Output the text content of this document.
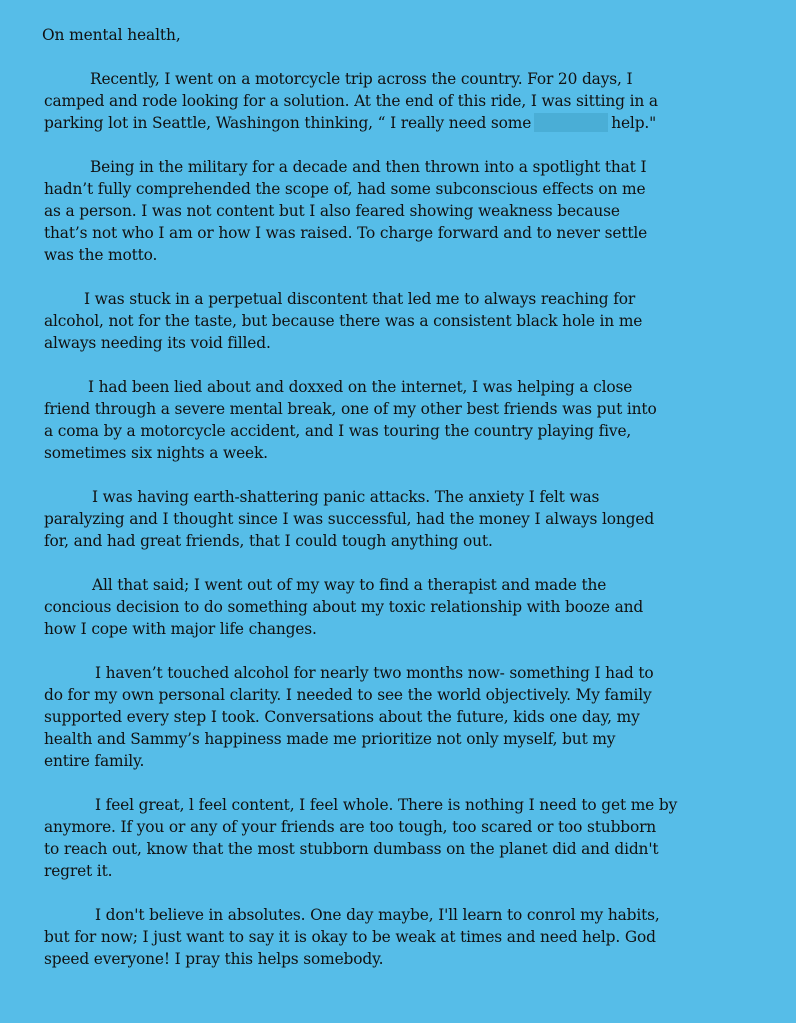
On mental health,
Recently, I went on a motorcycle trip across the country. For 20 days, I
camped and rode looking for a solution. At the end of this ride, I was sitting in a
parking lot in Seattle, Washingon thinking, “ I really need some	help."
Being in the military for a decade and then thrown into a spotlight that I
hadn’t fully comprehended the scope of, had some subconscious effects on me
as a person. I was not content but I also feared showing weakness because
that’s not who I am or how I was raised. To charge forward and to never settle
was the motto.
I was stuck in a perpetual discontent that led me to always reaching for
alcohol, not for the taste, but because there was a consistent black hole in me
always needing its void filled.
I had been lied about and doxxed on the internet, I was helping a close
friend through a severe mental break, one of my other best friends was put into
a coma by a motorcycle accident, and I was touring the country playing five,
sometimes six nights a week.
I was having earth-shattering panic attacks. The anxiety I felt was
paralyzing and I thought since I was successful, had the money I always longed
for, and had great friends, that I could tough anything out.
All that said; I went out of my way to find a therapist and made the
concious decision to do something about my toxic relationship with booze and
how I cope with major life changes.
I haven’t touched alcohol for nearly two months now- something I had to
do for my own personal clarity. I needed to see the world objectively. My family
supported every step I took. Conversations about the future, kids one day, my
health and Sammy’s happiness made me prioritize not only myself, but my
entire family.
I feel great, l feel content, I feel whole. There is nothing I need to get me by
anymore. If you or any of your friends are too tough, too scared or too stubborn
to reach out, know that the most stubborn dumbass on the planet did and didn't
regret it.
I don't believe in absolutes. One day maybe, I'll learn to conrol my habits,
but for now; I just want to say it is okay to be weak at times and need help. God
speed everyone! I pray this helps somebody.
